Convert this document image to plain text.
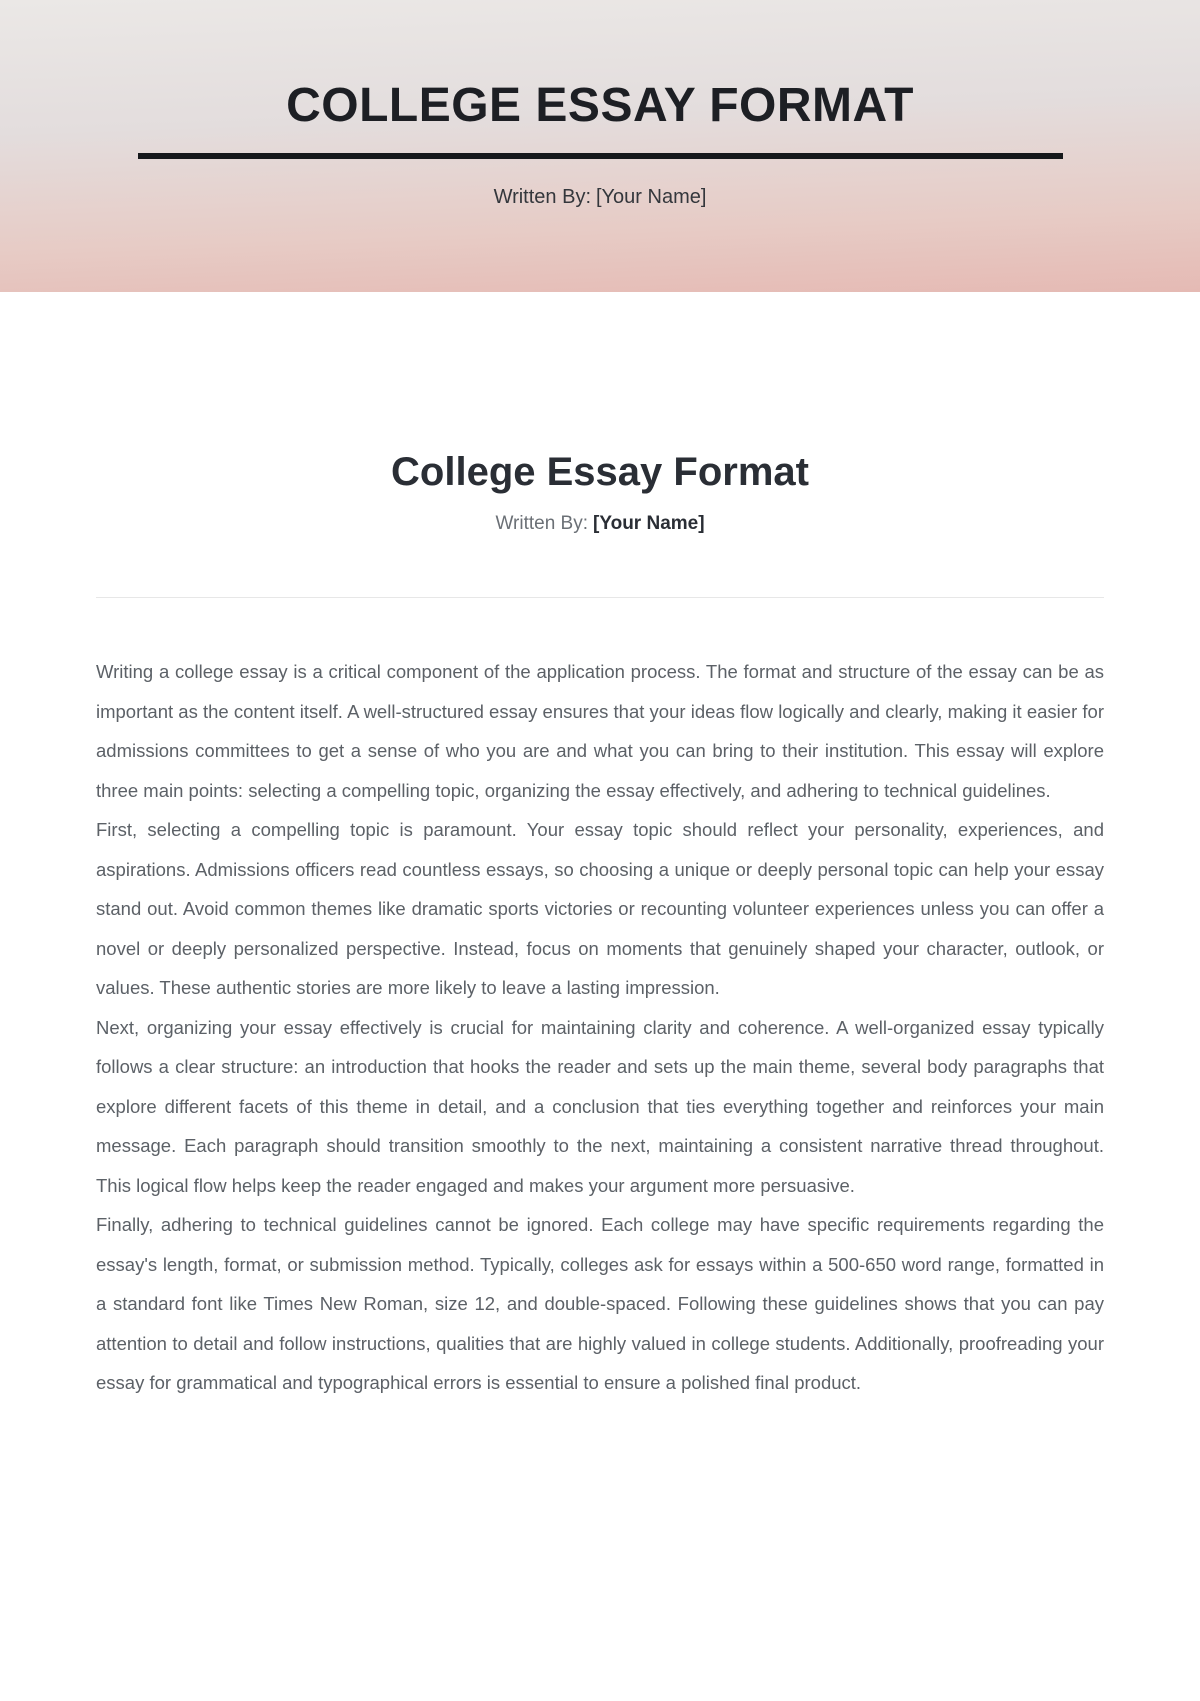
COLLEGE ESSAY FORMAT
Written By: [Your Name]
College Essay Format
Written By: [Your Name]

Writing a college essay is a critical component of the application process. The format and structure of the essay can be as important as the content itself. A well-structured essay ensures that your ideas flow logically and clearly, making it easier for admissions committees to get a sense of who you are and what you can bring to their institution. This essay will explore three main points: selecting a compelling topic, organizing the essay effectively, and adhering to technical guidelines.

First, selecting a compelling topic is paramount. Your essay topic should reflect your personality, experiences, and aspirations. Admissions officers read countless essays, so choosing a unique or deeply personal topic can help your essay stand out. Avoid common themes like dramatic sports victories or recounting volunteer experiences unless you can offer a novel or deeply personalized perspective. Instead, focus on moments that genuinely shaped your character, outlook, or values. These authentic stories are more likely to leave a lasting impression.

Next, organizing your essay effectively is crucial for maintaining clarity and coherence. A well-organized essay typically follows a clear structure: an introduction that hooks the reader and sets up the main theme, several body paragraphs that explore different facets of this theme in detail, and a conclusion that ties everything together and reinforces your main message. Each paragraph should transition smoothly to the next, maintaining a consistent narrative thread throughout. This logical flow helps keep the reader engaged and makes your argument more persuasive.

Finally, adhering to technical guidelines cannot be ignored. Each college may have specific requirements regarding the essay's length, format, or submission method. Typically, colleges ask for essays within a 500-650 word range, formatted in a standard font like Times New Roman, size 12, and double-spaced. Following these guidelines shows that you can pay attention to detail and follow instructions, qualities that are highly valued in college students. Additionally, proofreading your essay for grammatical and typographical errors is essential to ensure a polished final product.
